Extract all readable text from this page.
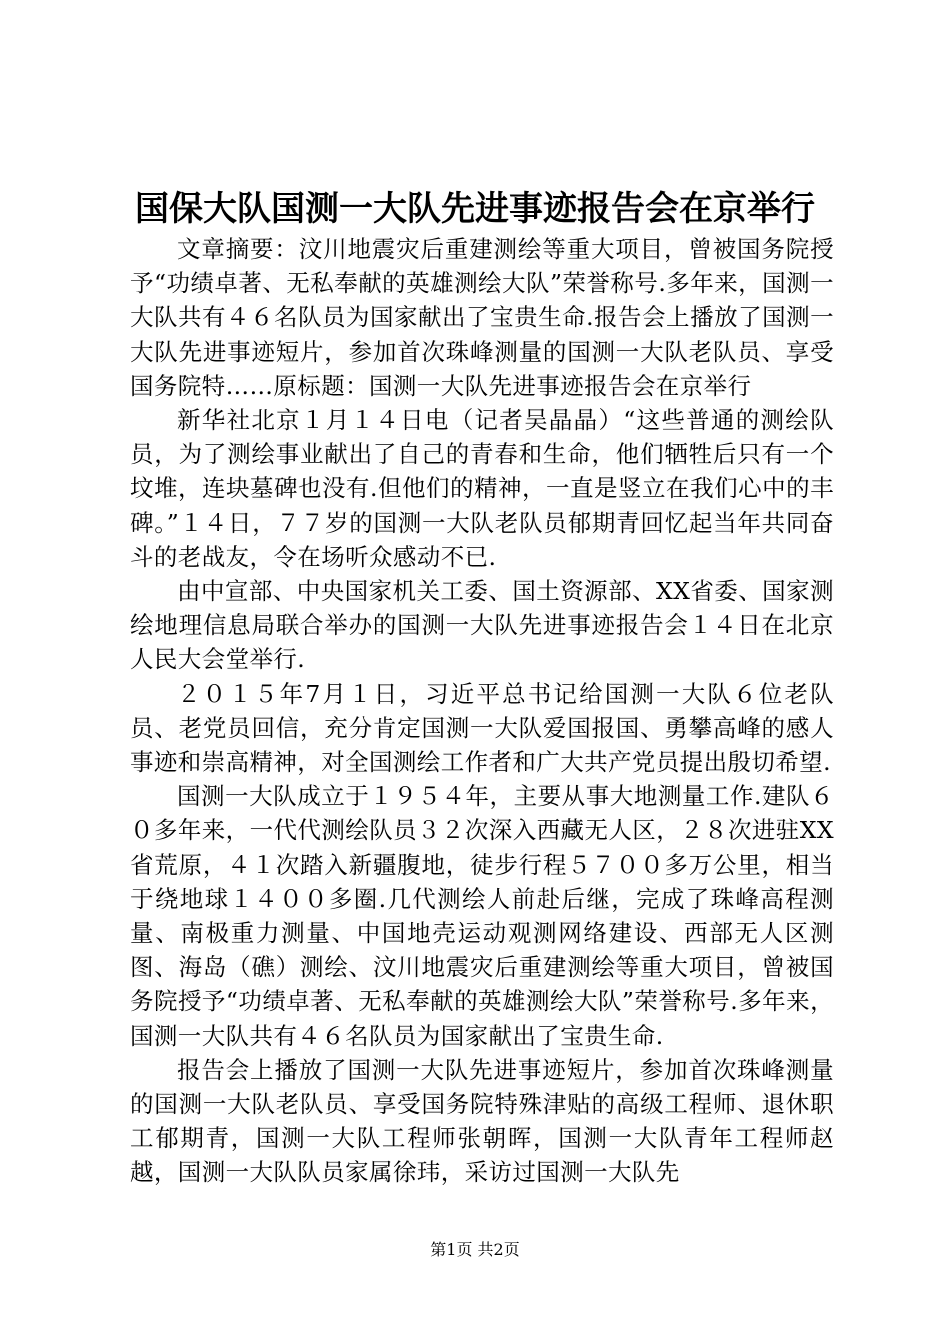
国保大队国测一大队先进事迹报告会在京举行

文章摘要：汶川地震灾后重建测绘等重大项目，曾被国务院授予“功绩卓著、无私奉献的英雄测绘大队”荣誉称号.多年来，国测一大队共有４６名队员为国家献出了宝贵生命.报告会上播放了国测一大队先进事迹短片，参加首次珠峰测量的国测一大队老队员、享受国务院特……原标题：国测一大队先进事迹报告会在京举行

新华社北京１月１４日电（记者吴晶晶）“这些普通的测绘队员，为了测绘事业献出了自己的青春和生命，他们牺牲后只有一个坟堆，连块墓碑也没有.但他们的精神，一直是竖立在我们心中的丰碑。”１４日，７７岁的国测一大队老队员郁期青回忆起当年共同奋斗的老战友，令在场听众感动不已.

由中宣部、中央国家机关工委、国土资源部、XX省委、国家测绘地理信息局联合举办的国测一大队先进事迹报告会１４日在北京人民大会堂举行.

２０１５年7月１日，习近平总书记给国测一大队６位老队员、老党员回信，充分肯定国测一大队爱国报国、勇攀高峰的感人事迹和崇高精神，对全国测绘工作者和广大共产党员提出殷切希望.

国测一大队成立于１９５４年，主要从事大地测量工作.建队６０多年来，一代代测绘队员３２次深入西藏无人区，２８次进驻XX省荒原，４１次踏入新疆腹地，徒步行程５７００多万公里，相当于绕地球１４００多圈.几代测绘人前赴后继，完成了珠峰高程测量、南极重力测量、中国地壳运动观测网络建设、西部无人区测图、海岛（礁）测绘、汶川地震灾后重建测绘等重大项目，曾被国务院授予“功绩卓著、无私奉献的英雄测绘大队”荣誉称号.多年来，国测一大队共有４６名队员为国家献出了宝贵生命.

报告会上播放了国测一大队先进事迹短片，参加首次珠峰测量的国测一大队老队员、享受国务院特殊津贴的高级工程师、退休职工郁期青，国测一大队工程师张朝晖，国测一大队青年工程师赵越，国测一大队队员家属徐玮，采访过国测一大队先

第1页 共2页
